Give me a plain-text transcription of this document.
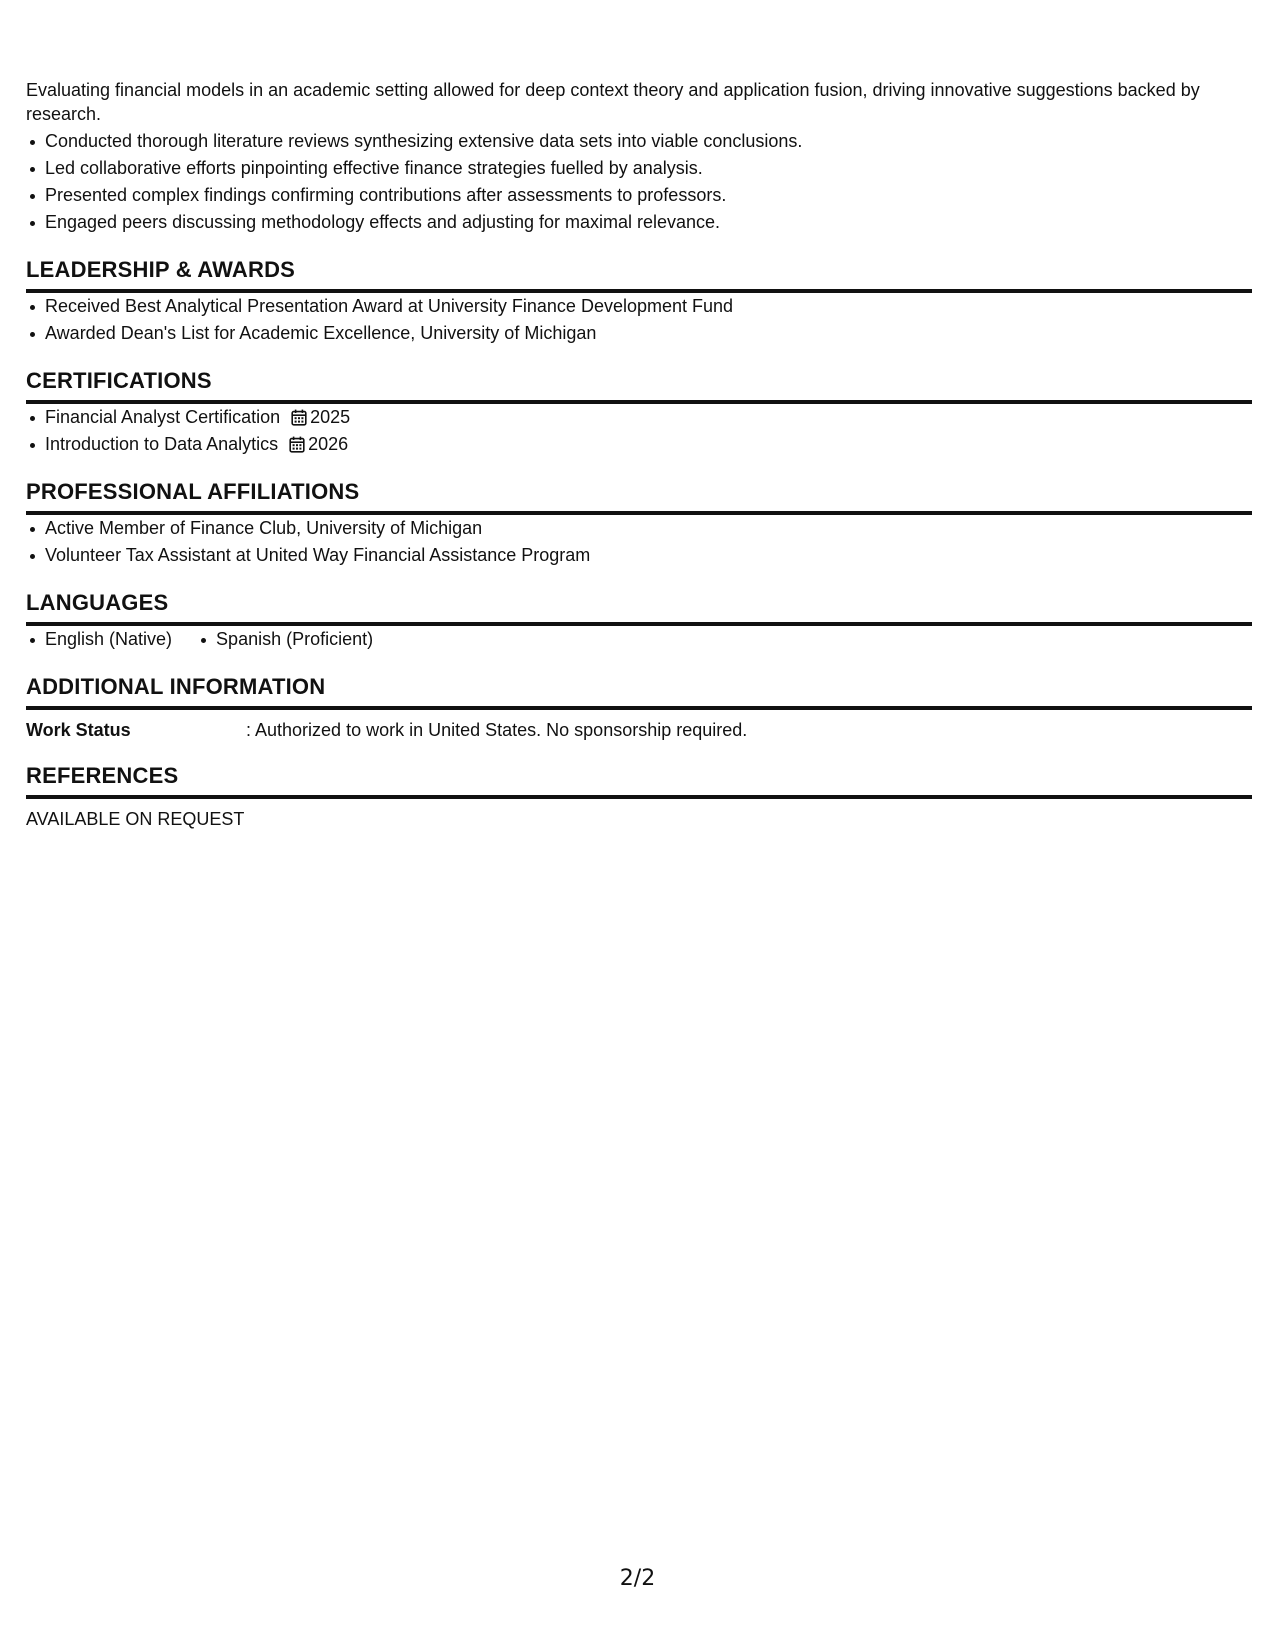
Evaluating financial models in an academic setting allowed for deep context theory and application fusion, driving innovative suggestions backed by research.

Conducted thorough literature reviews synthesizing extensive data sets into viable conclusions.
Led collaborative efforts pinpointing effective finance strategies fuelled by analysis.
Presented complex findings confirming contributions after assessments to professors.
Engaged peers discussing methodology effects and adjusting for maximal relevance.
LEADERSHIP & AWARDS
Received Best Analytical Presentation Award at University Finance Development Fund
Awarded Dean's List for Academic Excellence, University of Michigan
CERTIFICATIONS
Financial Analyst Certification 2025
Introduction to Data Analytics 2026
PROFESSIONAL AFFILIATIONS
Active Member of Finance Club, University of Michigan
Volunteer Tax Assistant at United Way Financial Assistance Program
LANGUAGES
English (Native) Spanish (Proficient)
ADDITIONAL INFORMATION
Work Status	: Authorized to work in United States. No sponsorship required.
REFERENCES
AVAILABLE ON REQUEST
2/2
